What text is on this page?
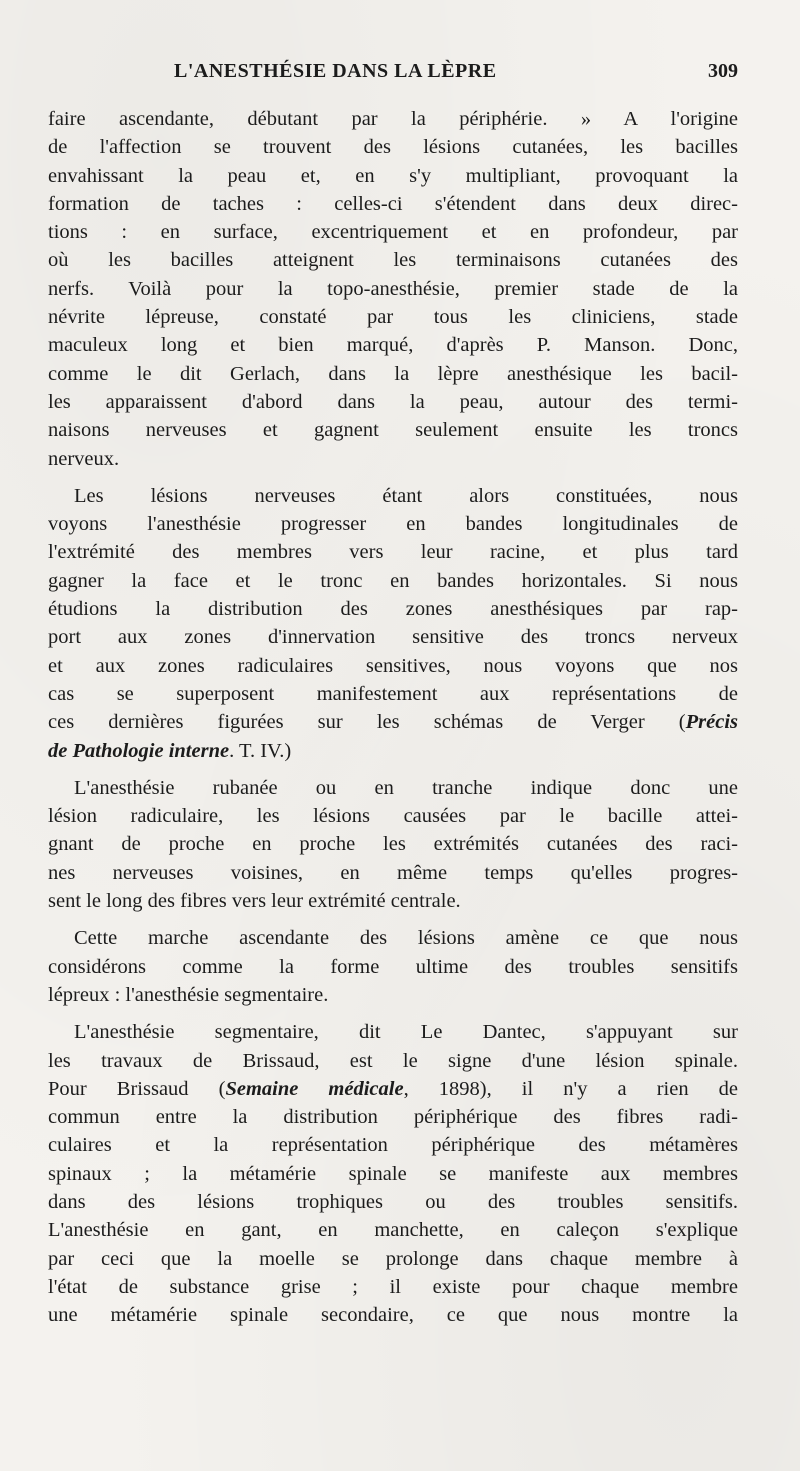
L'ANESTHÉSIE DANS LA LÈPRE	309
faire ascendante, débutant par la périphérie. » A l'origine
de l'affection se trouvent des lésions cutanées, les bacilles
envahissant la peau et, en s'y multipliant, provoquant la
formation de taches : celles-ci s'étendent dans deux direc-
tions : en surface, excentriquement et en profondeur, par
où les bacilles atteignent les terminaisons cutanées des
nerfs. Voilà pour la topo-anesthésie, premier stade de la
névrite lépreuse, constaté par tous les cliniciens, stade
maculeux long et bien marqué, d'après P. Manson. Donc,
comme le dit Gerlach, dans la lèpre anesthésique les bacil-
les apparaissent d'abord dans la peau, autour des termi-
naisons nerveuses et gagnent seulement ensuite les troncs
nerveux.
Les lésions nerveuses étant alors constituées, nous
voyons l'anesthésie progresser en bandes longitudinales de
l'extrémité des membres vers leur racine, et plus tard
gagner la face et le tronc en bandes horizontales. Si nous
étudions la distribution des zones anesthésiques par rap-
port aux zones d'innervation sensitive des troncs nerveux
et aux zones radiculaires sensitives, nous voyons que nos
cas se superposent manifestement aux représentations de
ces dernières figurées sur les schémas de Verger (Précis
de Pathologie interne. T. IV.)
L'anesthésie rubanée ou en tranche indique donc une
lésion radiculaire, les lésions causées par le bacille attei-
gnant de proche en proche les extrémités cutanées des raci-
nes nerveuses voisines, en même temps qu'elles progres-
sent le long des fibres vers leur extrémité centrale.
Cette marche ascendante des lésions amène ce que nous
considérons comme la forme ultime des troubles sensitifs
lépreux : l'anesthésie segmentaire.
L'anesthésie segmentaire, dit Le Dantec, s'appuyant sur
les travaux de Brissaud, est le signe d'une lésion spinale.
Pour Brissaud (Semaine médicale, 1898), il n'y a rien de
commun entre la distribution périphérique des fibres radi-
culaires et la représentation périphérique des métamères
spinaux ; la métamérie spinale se manifeste aux membres
dans des lésions trophiques ou des troubles sensitifs.
L'anesthésie en gant, en manchette, en caleçon s'explique
par ceci que la moelle se prolonge dans chaque membre à
l'état de substance grise ; il existe pour chaque membre
une métamérie spinale secondaire, ce que nous montre la
